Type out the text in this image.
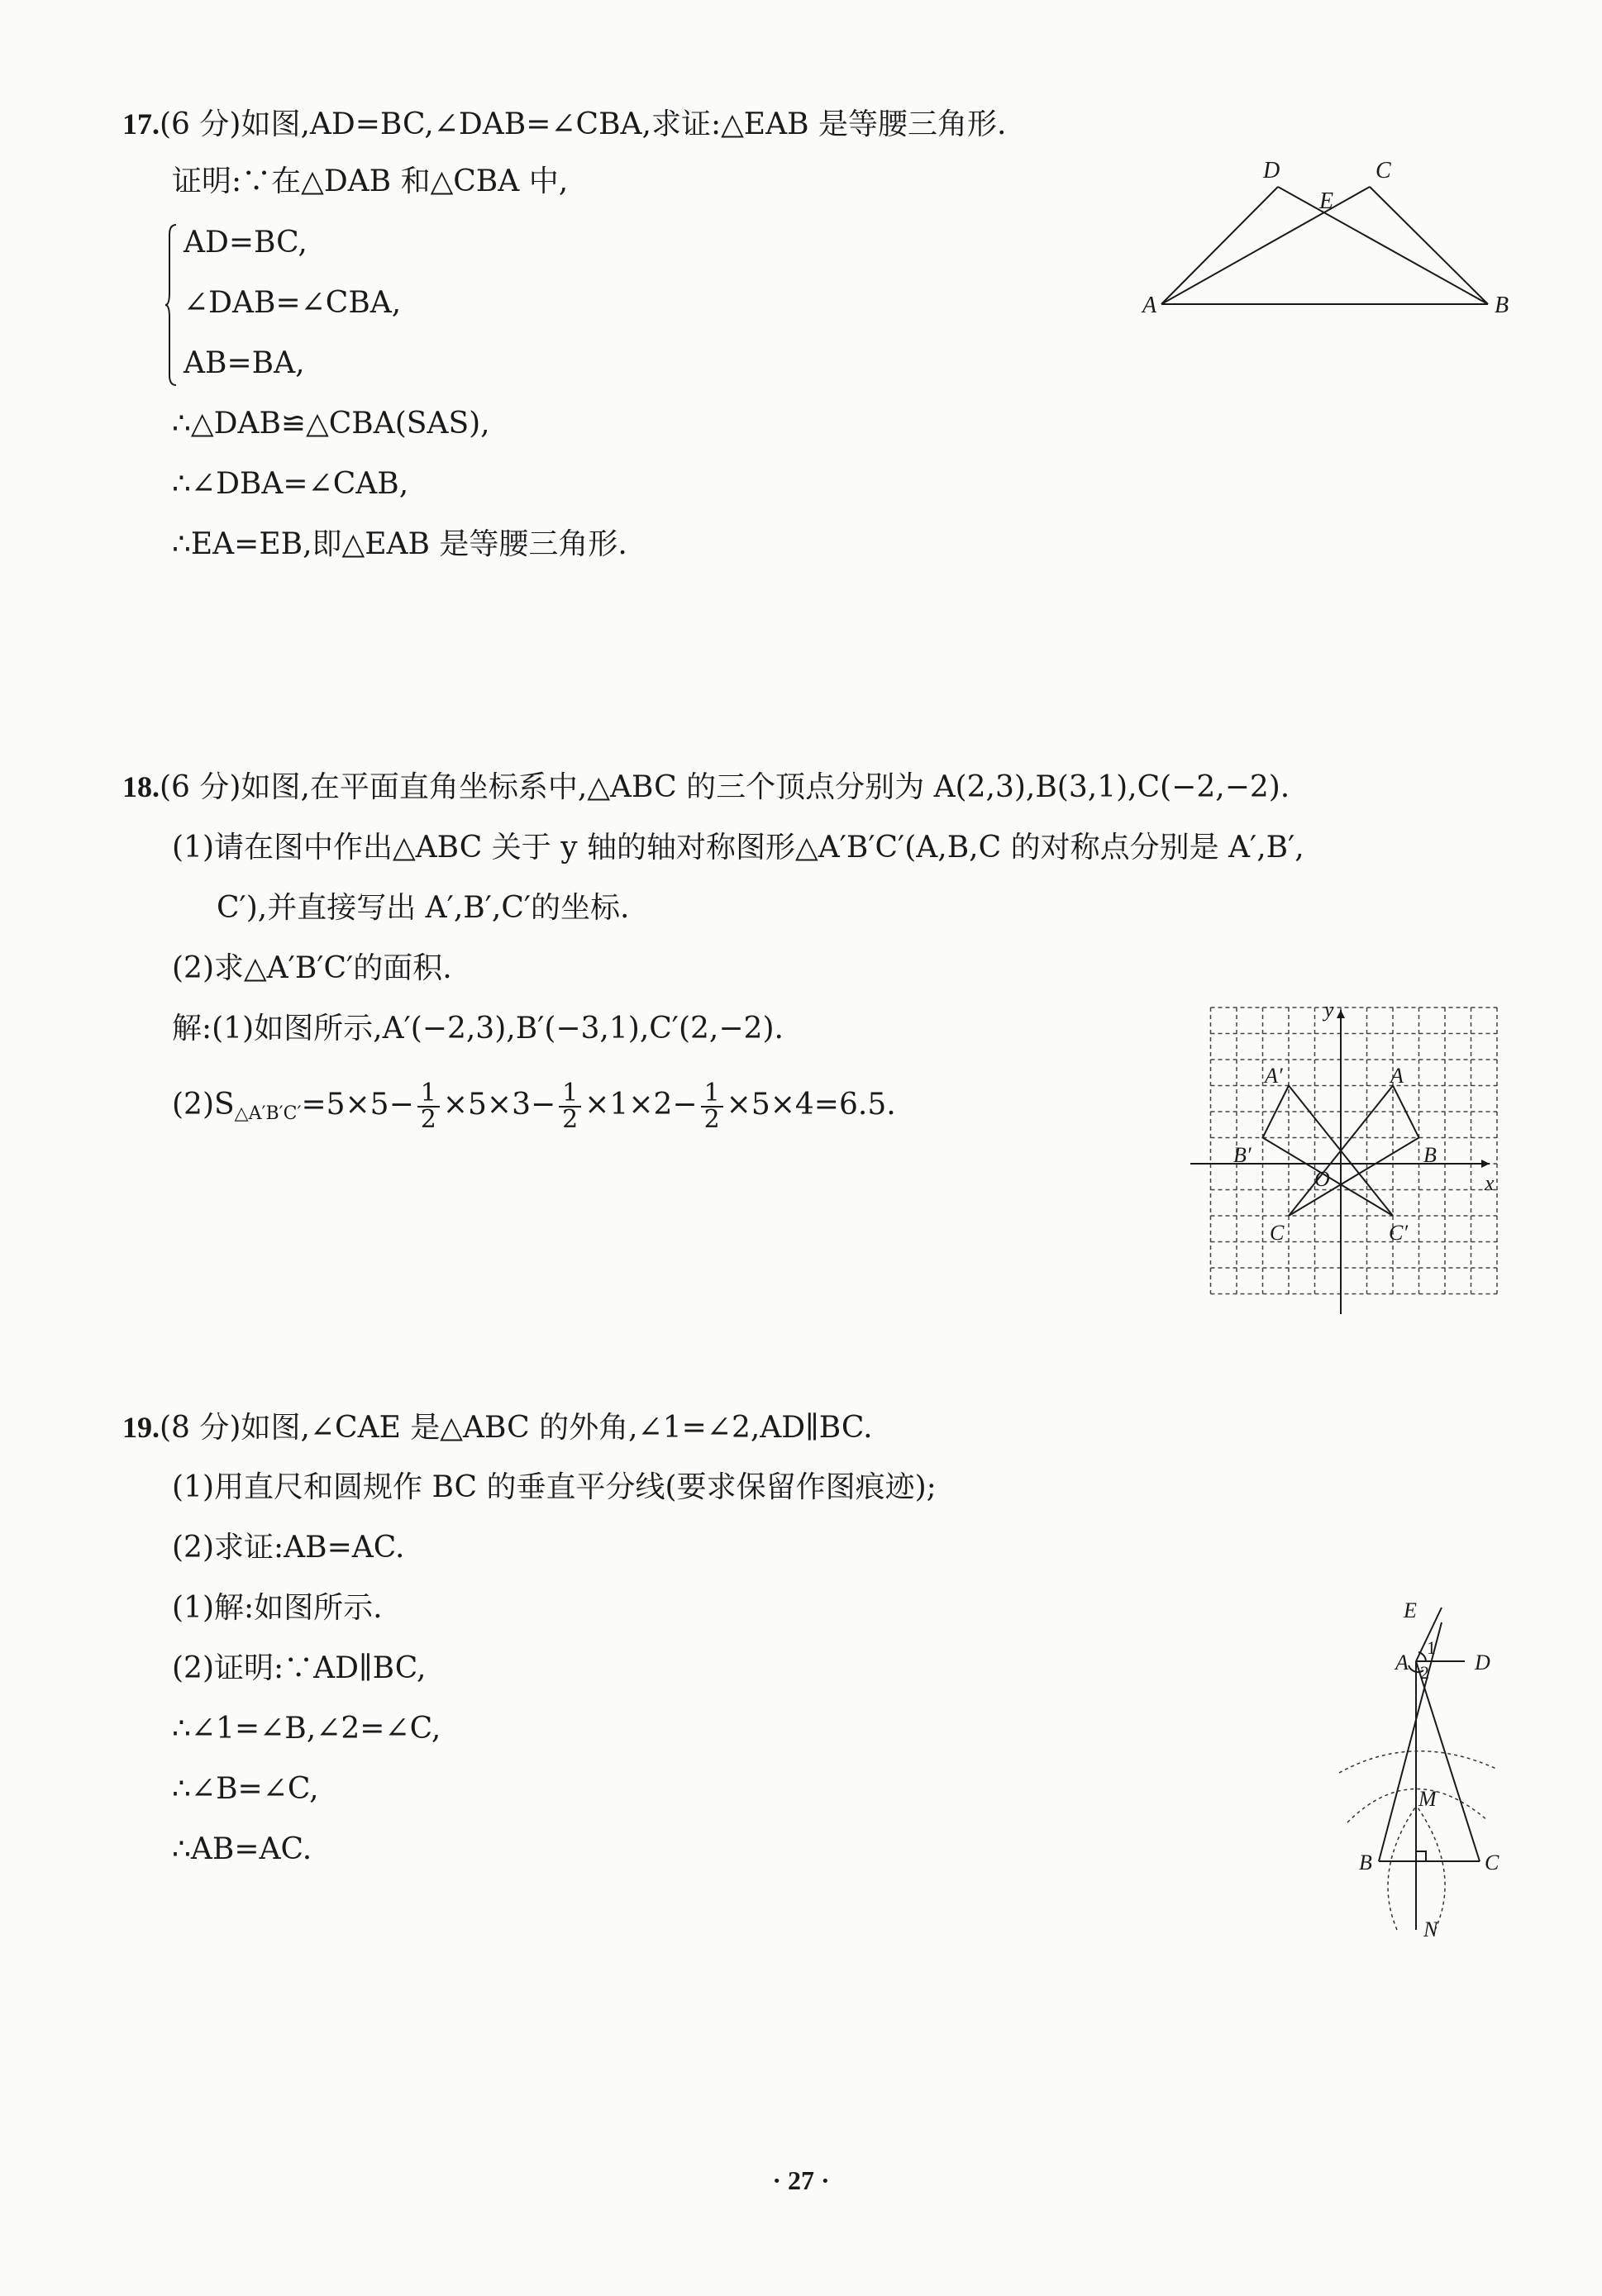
17.(6 分)如图,AD=BC,∠DAB=∠CBA,求证:△EAB 是等腰三角形.
证明:∵在△DAB 和△CBA 中,
AD=BC,
∠DAB=∠CBA,
AB=BA,
∴△DAB≌△CBA(SAS),
∴∠DBA=∠CAB,
∴EA=EB,即△EAB 是等腰三角形.
D	C
E
A	B
18.(6 分)如图,在平面直角坐标系中,△ABC 的三个顶点分别为 A(2,3),B(3,1),C(−2,−2).
(1)请在图中作出△ABC 关于 y 轴的轴对称图形△A′B′C′(A,B,C 的对称点分别是 A′,B′,
C′),并直接写出 A′,B′,C′的坐标.
(2)求△A′B′C′的面积.
解:(1)如图所示,A′(−2,3),B′(−3,1),C′(2,−2).
$(2)S_{\triangle A'B'C'}=5\times 5- \frac{1}{2} \times 5\times 3- \frac{1}{2} \times 1\times 2- \frac{1}{2} \times 5\times 4=6.5$.
x
y
O
A
B
C
A′
B′
C′
19.(8 分)如图,∠CAE 是△ABC 的外角,∠1=∠2,AD∥BC.
(1)用直尺和圆规作 BC 的垂直平分线(要求保留作图痕迹);
(2)求证:AB=AC.
(1)解:如图所示.
(2)证明:∵AD∥BC,
∴∠1=∠B,∠2=∠C,
∴∠B=∠C,
∴AB=AC.
E
A	D
1
2
M
B	C
N
· 27 ·
